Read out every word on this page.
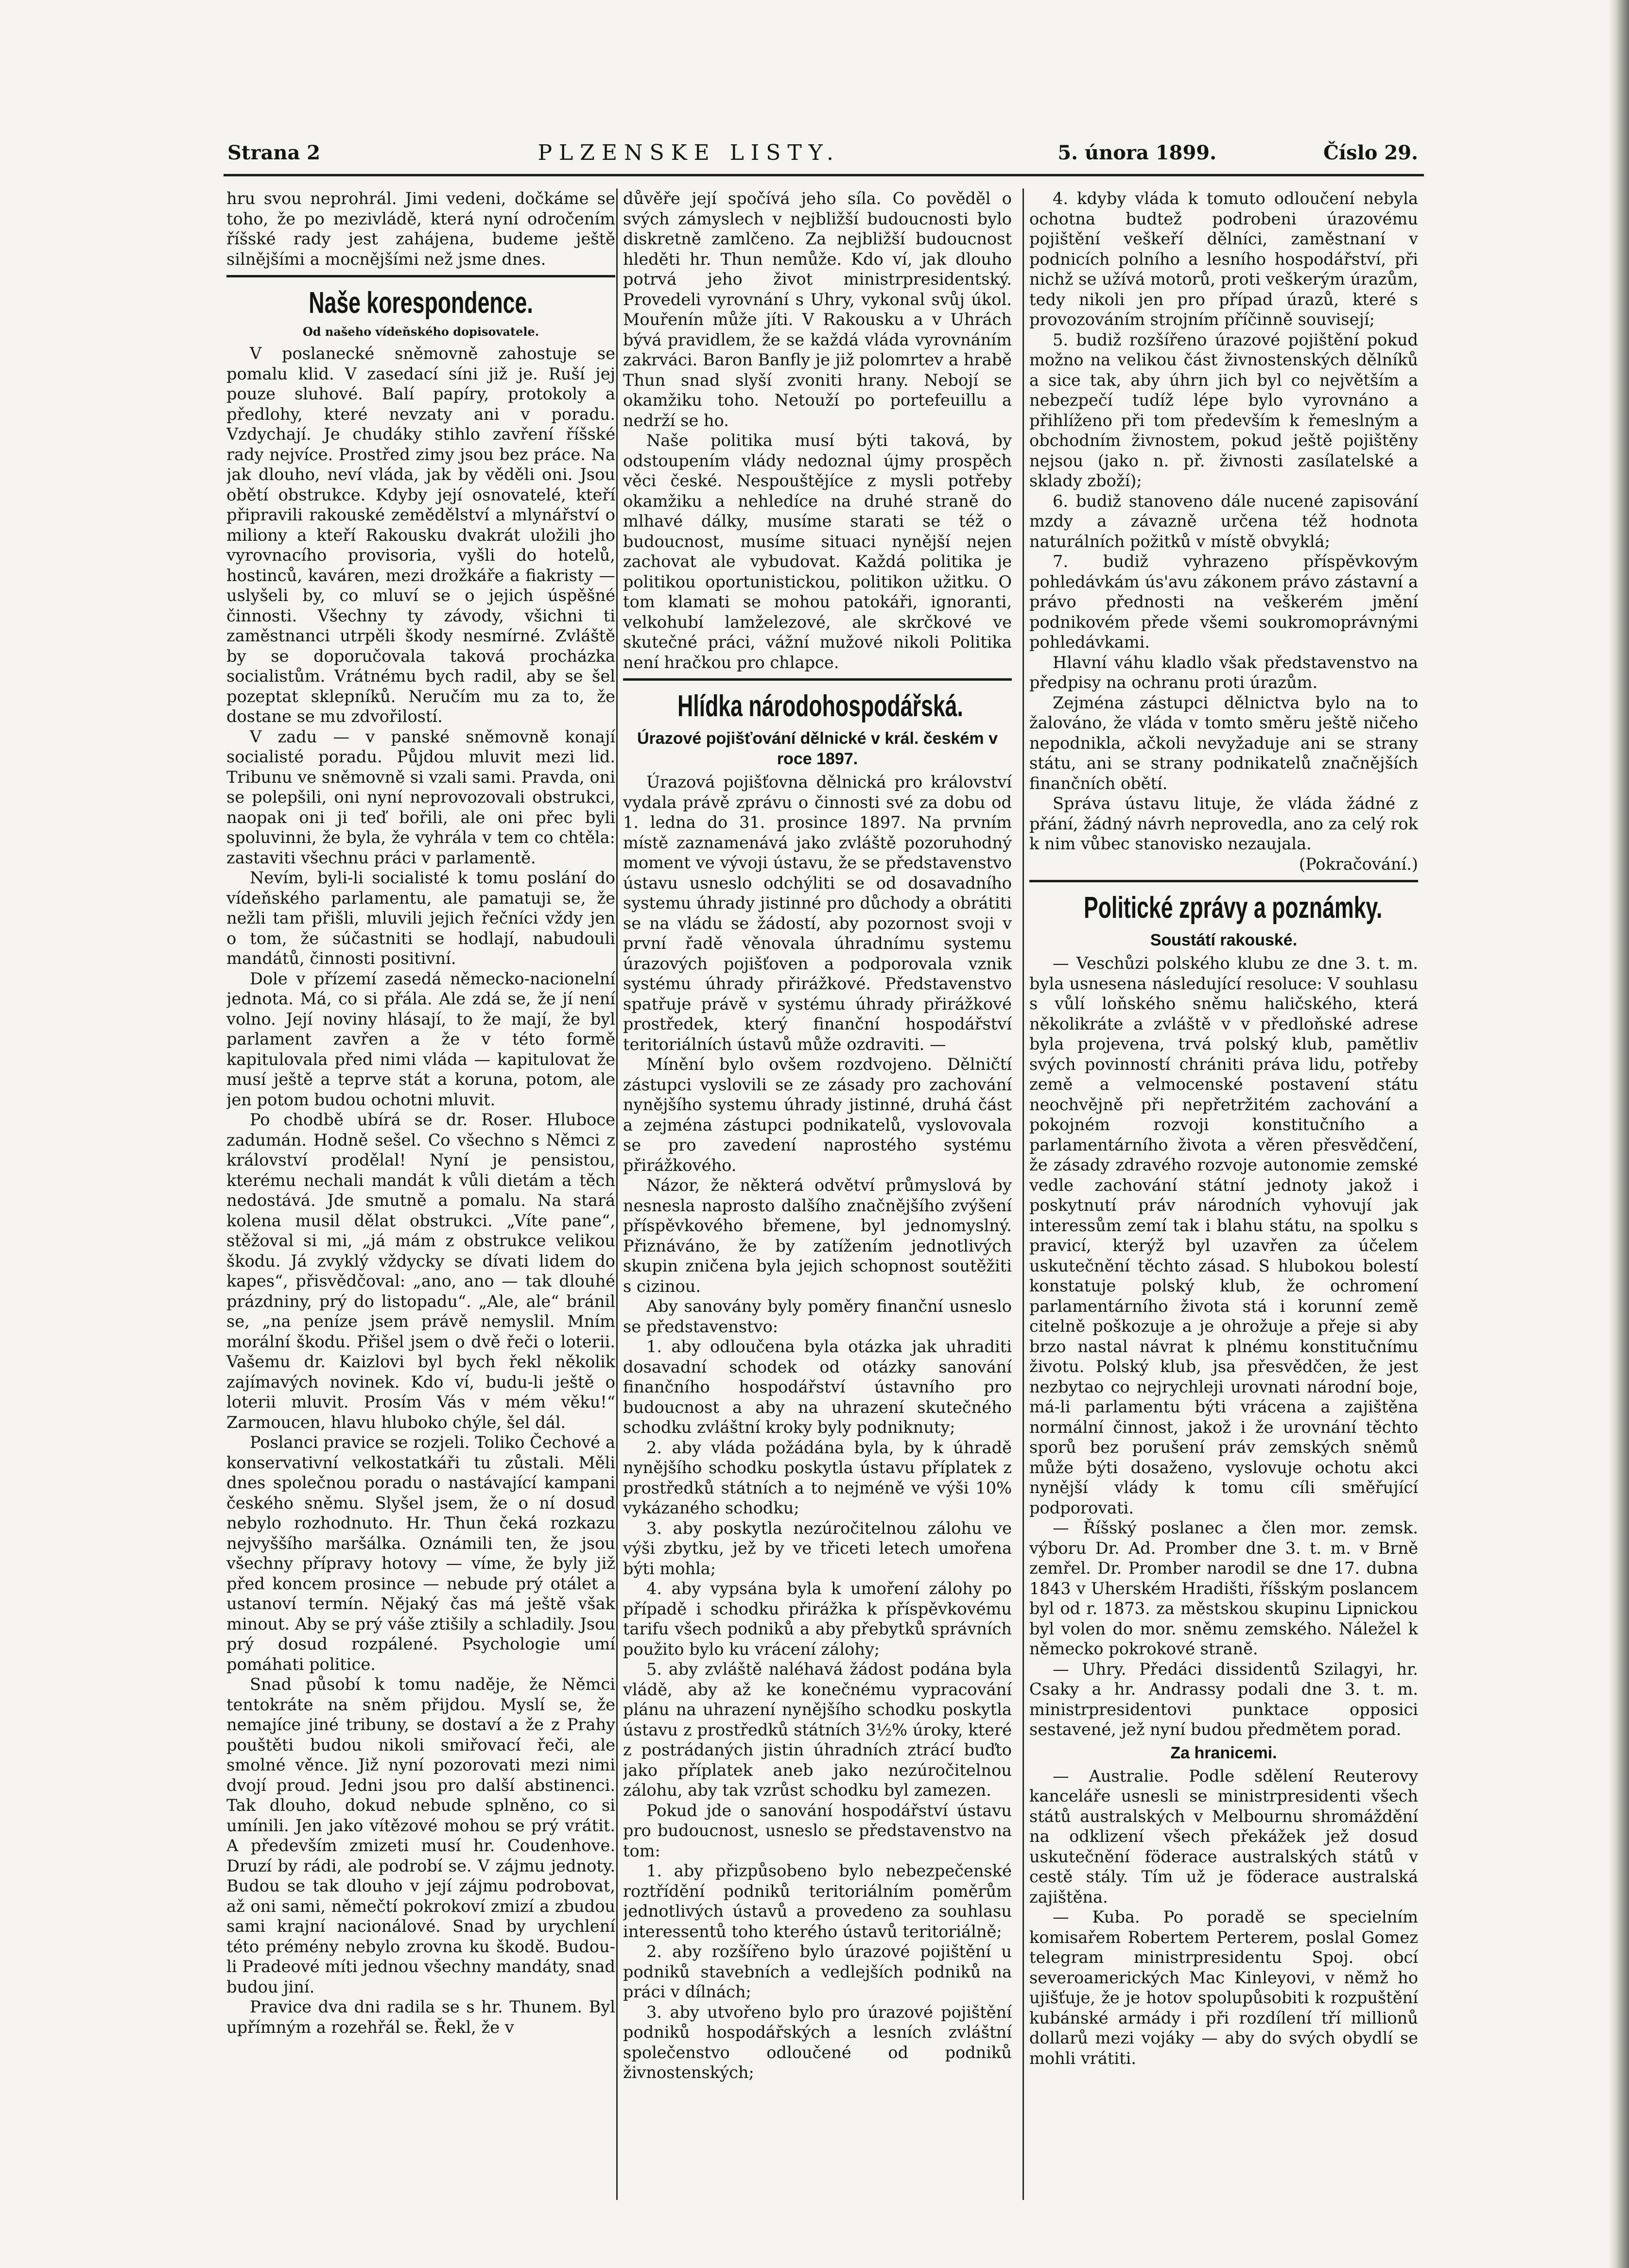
Strana 2	PLZENSKE LISTY.	5. února 1899.	Číslo 29.

hru svou neprohrál. Jimi vedeni, dočkáme se toho, že po mezivládě, která nyní odročením říšské rady jest zahájena, budeme ještě silnějšími a mocnějšími než jsme dnes.

Naše korespondence.
Od našeho vídeňského dopisovatele.

V poslanecké sněmovně zahostuje se pomalu klid. V zasedací síni již je. Ruší jej pouze sluhové. Balí papíry, protokoly a předlohy, které nevzaty ani v poradu. Vzdychají. Je chudáky stihlo zavření říšské rady nejvíce. Prostřed zimy jsou bez práce. Na jak dlouho, neví vláda, jak by věděli oni. Jsou obětí obstrukce. Kdyby její osnovatelé, kteří připravili rakouské zemědělství a mlynářství o miliony a kteří Rakousku dvakrát uložili jho vyrovnacího provisoria, vyšli do hotelů, hostinců, kaváren, mezi drožkáře a fiakristy — uslyšeli by, co mluví se o jejich úspěšné činnosti. Všechny ty závody, všichni ti zaměstnanci utrpěli škody nesmírné. Zvláště by se doporučovala taková procházka socialistům. Vrátnému bych radil, aby se šel pozeptat sklepníků. Neručím mu za to, že dostane se mu zdvořilostí.

V zadu — v panské sněmovně konají socialisté poradu. Půjdou mluvit mezi lid. Tribunu ve sněmovně si vzali sami. Pravda, oni se polepšili, oni nyní neprovozovali obstrukci, naopak oni ji teď bořili, ale oni přec byli spoluvinni, že byla, že vyhrála v tem co chtěla: zastaviti všechnu práci v parlamentě.

Nevím, byli-li socialisté k tomu poslání do vídeňského parlamentu, ale pamatuji se, že nežli tam přišli, mluvili jejich řečníci vždy jen o tom, že súčastniti se hodlají, nabudouli mandátů, činnosti positivní.

Dole v přízemí zasedá německo-nacionelní jednota. Má, co si přála. Ale zdá se, že jí není volno. Její noviny hlásají, to že mají, že byl parlament zavřen a že v této formě kapitulovala před nimi vláda — kapitulovat že musí ještě a teprve stát a koruna, potom, ale jen potom budou ochotni mluvit.

Po chodbě ubírá se dr. Roser. Hluboce zadumán. Hodně sešel. Co všechno s Němci z království prodělal! Nyní je pensistou, kterému nechali mandát k vůli dietám a těch nedostává. Jde smutně a pomalu. Na stará kolena musil dělat obstrukci. „Víte pane“, stěžoval si mi, „já mám z obstrukce velikou škodu. Já zvyklý vždycky se dívati lidem do kapes“, přisvědčoval: „ano, ano — tak dlouhé prázdniny, prý do listopadu“. „Ale, ale“ bránil se, „na peníze jsem právě nemyslil. Mním morální škodu. Přišel jsem o dvě řeči o loterii. Vašemu dr. Kaizlovi byl bych řekl několik zajímavých novinek. Kdo ví, budu-li ještě o loterii mluvit. Prosím Vás v mém věku!“ Zarmoucen, hlavu hluboko chýle, šel dál.

Poslanci pravice se rozjeli. Toliko Čechové a konservativní velkostatkáři tu zůstali. Měli dnes společnou poradu o nastávající kampani českého sněmu. Slyšel jsem, že o ní dosud nebylo rozhodnuto. Hr. Thun čeká rozkazu nejvyššího maršálka. Oznámili ten, že jsou všechny přípravy hotovy — víme, že byly již před koncem prosince — nebude prý otálet a ustanoví termín. Nějaký čas má ještě však minout. Aby se prý váše ztišily a schladily. Jsou prý dosud rozpálené. Psychologie umí pomáhati politice.

Snad působí k tomu naděje, že Němci tentokráte na sněm přijdou. Myslí se, že nemajíce jiné tribuny, se dostaví a že z Prahy pouštěti budou nikoli smiřovací řeči, ale smolné věnce. Již nyní pozorovati mezi nimi dvojí proud. Jedni jsou pro další abstinenci. Tak dlouho, dokud nebude splněno, co si umínili. Jen jako vítězové mohou se prý vrátit. A především zmizeti musí hr. Coudenhove. Druzí by rádi, ale podrobí se. V zájmu jednoty. Budou se tak dlouho v její zájmu podrobovat, až oni sami, němečtí pokrokoví zmizí a zbudou sami krajní nacionálové. Snad by urychlení této prémény nebylo zrovna ku škodě. Budou-li Pradeové míti jednou všechny mandáty, snad budou jiní.

Pravice dva dni radila se s hr. Thunem. Byl upřímným a rozehřál se. Řekl, že v

důvěře její spočívá jeho síla. Co pověděl o svých zámyslech v nejbližší budoucnosti bylo diskretně zamlčeno. Za nejbližší budoucnost hleděti hr. Thun nemůže. Kdo ví, jak dlouho potrvá jeho život ministrpresidentský. Provedeli vyrovnání s Uhry, vykonal svůj úkol. Mouřenín může jíti. V Rakousku a v Uhrách bývá pravidlem, že se každá vláda vyrovnáním zakrváci. Baron Banfly je již polomrtev a hrabě Thun snad slyší zvoniti hrany. Nebojí se okamžiku toho. Netouží po portefeuillu a nedrží se ho.

Naše politika musí býti taková, by odstoupením vlády nedoznal újmy prospěch věci české. Nespouštějíce z mysli potřeby okamžiku a nehledíce na druhé straně do mlhavé dálky, musíme starati se též o budoucnost, musíme situaci nynější nejen zachovat ale vybudovat. Každá politika je politikou oportunistickou, politikon užitku. O tom klamati se mohou patokáři, ignoranti, velkohubí lamželezové, ale skrčkové ve skutečné práci, vážní mužové nikoli Politika není hračkou pro chlapce.

Hlídka národohospodářská.
Úrazové pojišťování dělnické v král. českém v roce 1897.

Úrazová pojišťovna dělnická pro království vydala právě zprávu o činnosti své za dobu od 1. ledna do 31. prosince 1897. Na prvním místě zaznamenává jako zvláště pozoruhodný moment ve vývoji ústavu, že se představenstvo ústavu usneslo odchýliti se od dosavadního systemu úhrady jistinné pro důchody a obrátiti se na vládu se žádostí, aby pozornost svoji v první řadě věnovala úhradnímu systemu úrazových pojišťoven a podporovala vznik systému úhrady přirážkové. Představenstvo spatřuje právě v systému úhrady přirážkové prostředek, který finanční hospodářství teritoriálních ústavů může ozdraviti. —

Mínění bylo ovšem rozdvojeno. Dělničtí zástupci vyslovili se ze zásady pro zachování nynějšího systemu úhrady jistinné, druhá část a zejména zástupci podnikatelů, vyslovovala se pro zavedení naprostého systému přirážkového.

Názor, že některá odvětví průmyslová by nesnesla naprosto dalšího značnějšího zvýšení příspěvkového břemene, byl jednomyslný. Přiznáváno, že by zatížením jednotlivých skupin zničena byla jejich schopnost soutěžiti s cizinou.

Aby sanovány byly poměry finanční usneslo se představenstvo:

1. aby odloučena byla otázka jak uhraditi dosavadní schodek od otázky sanování finančního hospodářství ústavního pro budoucnost a aby na uhrazení skutečného schodku zvláštní kroky byly podniknuty;

2. aby vláda požádána byla, by k úhradě nynějšího schodku poskytla ústavu příplatek z prostředků státních a to nejméně ve výši 10% vykázaného schodku;

3. aby poskytla nezúročitelnou zálohu ve výši zbytku, jež by ve třiceti letech umořena býti mohla;

4. aby vypsána byla k umoření zálohy po případě i schodku přirážka k příspěvkovému tarifu všech podniků a aby přebytků správních použito bylo ku vrácení zálohy;

5. aby zvláště naléhavá žádost podána byla vládě, aby až ke konečnému vypracování plánu na uhrazení nynějšího schodku poskytla ústavu z prostředků státních 3½% úroky, které z postrádaných jistin úhradních ztrácí buďto jako příplatek aneb jako nezúročitelnou zálohu, aby tak vzrůst schodku byl zamezen.

Pokud jde o sanování hospodářství ústavu pro budoucnost, usneslo se představenstvo na tom:

1. aby přizpůsobeno bylo nebezpečenské roztřídění podniků teritoriálním poměrům jednotlivých ústavů a provedeno za souhlasu interessentů toho kterého ústavů teritoriálně;

2. aby rozšířeno bylo úrazové pojištění u podniků stavebních a vedlejších podniků na práci v dílnách;

3. aby utvořeno bylo pro úrazové pojištění podniků hospodářských a lesních zvláštní společenstvo odloučené od podniků živnostenských;

4. kdyby vláda k tomuto odloučení nebyla ochotna budtež podrobeni úrazovému pojištění veškeří dělníci, zaměstnaní v podnicích polního a lesního hospodářství, při nichž se užívá motorů, proti veškerým úrazům, tedy nikoli jen pro případ úrazů, které s provozováním strojním příčinně souvisejí;

5. budiž rozšířeno úrazové pojištění pokud možno na velikou část živnostenských dělníků a sice tak, aby úhrn jich byl co největším a nebezpečí tudíž lépe bylo vyrovnáno a přihlíženo při tom především k řemeslným a obchodním živnostem, pokud ještě pojištěny nejsou (jako n. př. živnosti zasílatelské a sklady zboží);

6. budiž stanoveno dále nucené zapisování mzdy a závazně určena též hodnota naturálních požitků v místě obvyklá;

7. budiž vyhrazeno příspěvkovým pohledávkám ús'avu zákonem právo zástavní a právo přednosti na veškerém jmění podnikovém přede všemi soukromoprávnými pohledávkami.

Hlavní váhu kladlo však představenstvo na předpisy na ochranu proti úrazům.

Zejména zástupci dělnictva bylo na to žalováno, že vláda v tomto směru ještě ničeho nepodnikla, ačkoli nevyžaduje ani se strany státu, ani se strany podnikatelů značnějších finančních obětí.

Správa ústavu lituje, že vláda žádné z přání, žádný návrh neprovedla, ano za celý rok k nim vůbec stanovisko nezaujala.

(Pokračování.)

Politické zprávy a poznámky.
Soustátí rakouské.

— Veschůzi polského klubu ze dne 3. t. m. byla usnesena následující resoluce: V souhlasu s vůlí loňského sněmu haličského, která několikráte a zvláště v v předloňské adrese byla projevena, trvá polský klub, pamětliv svých povinností chrániti práva lidu, potřeby země a velmocenské postavení státu neochvějně při nepřetržitém zachování a pokojném rozvoji konstitučního a parlamentárního života a věren přesvědčení, že zásady zdravého rozvoje autonomie zemské vedle zachování státní jednoty jakož i poskytnutí práv národních vyhovují jak interessům zemí tak i blahu státu, na spolku s pravicí, kterýž byl uzavřen za účelem uskutečnění těchto zásad. S hlubokou bolestí konstatuje polský klub, že ochromení parlamentárního života stá i korunní země citelně poškozuje a je ohrožuje a přeje si aby brzo nastal návrat k plnému konstitučnímu životu. Polský klub, jsa přesvědčen, že jest nezbytao co nejrychleji urovnati národní boje, má-li parlamentu býti vrácena a zajištěna normální činnost, jakož i že urovnání těchto sporů bez porušení práv zemských sněmů může býti dosaženo, vyslovuje ochotu akci nynější vlády k tomu cíli směřující podporovati.

— Říšský poslanec a člen mor. zemsk. výboru Dr. Ad. Promber dne 3. t. m. v Brně zemřel. Dr. Promber narodil se dne 17. dubna 1843 v Uherském Hradišti, říšským poslancem byl od r. 1873. za městskou skupinu Lipnickou byl volen do mor. sněmu zemského. Náležel k německo pokrokové straně.

— Uhry. Předáci dissidentů Szilagyi, hr. Csaky a hr. Andrassy podali dne 3. t. m. ministrpresidentovi punktace opposici sestavené, jež nyní budou předmětem porad.

Za hranicemi.

— Australie. Podle sdělení Reuterovy kanceláře usnesli se ministrpresidenti všech států australských v Melbournu shromáždění na odklizení všech překážek jež dosud uskutečnění föderace australských států v cestě stály. Tím už je föderace australská zajištěna.

— Kuba. Po poradě se specielním komisařem Robertem Perterem, poslal Gomez telegram ministrpresidentu Spoj. obcí severoamerických Mac Kinleyovi, v němž ho ujišťuje, že je hotov spolupůsobiti k rozpuštění kubánské armády i při rozdílení tří millionů dollarů mezi vojáky — aby do svých obydlí se mohli vrátiti.
